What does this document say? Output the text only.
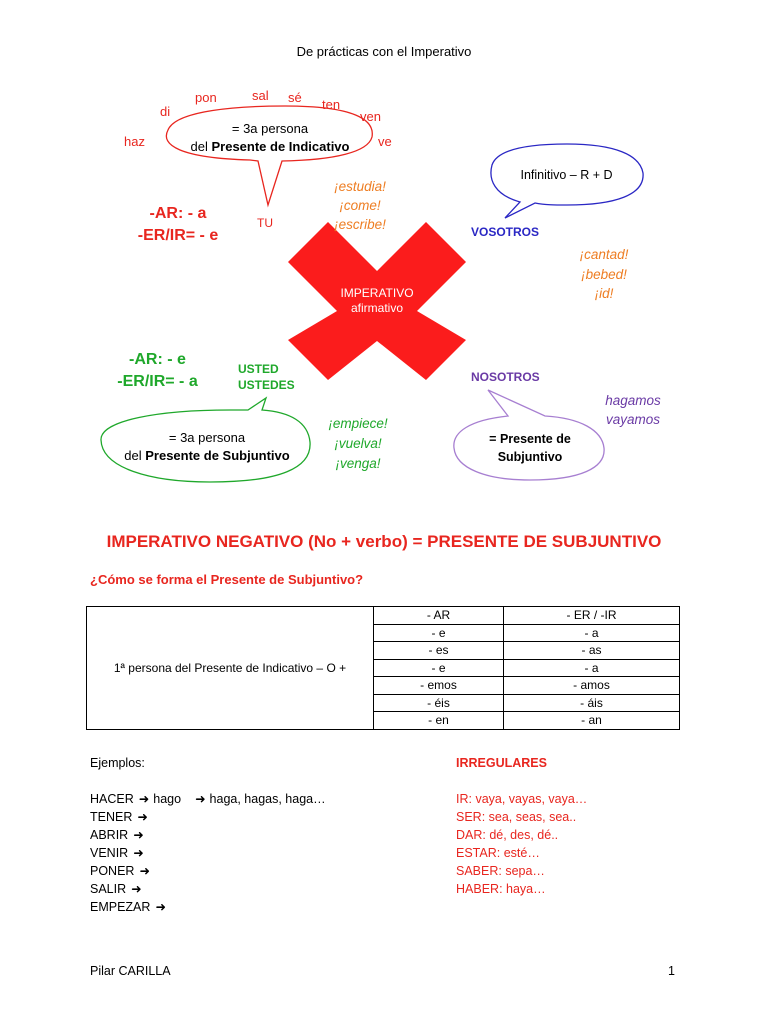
De prácticas con el Imperativo
di
pon	sal sé ten
ven
haz	ve
= 3a persona
del Presente de Indicativo
-AR: - a
-ER/IR= - e
TU
¡estudia!
¡come!
¡escribe!
IMPERATIVO
afirmativo
Infinitivo – R + D
VOSOTROS
¡cantad!
¡bebed!
¡id!
-AR: - e
-ER/IR= - a
USTED
USTEDES
¡empiece!
¡vuelva!
¡venga!
= 3a persona
del Presente de Subjuntivo
NOSOTROS
hagamos
vayamos
= Presente de
Subjuntivo
IMPERATIVO NEGATIVO (No + verbo) = PRESENTE DE SUBJUNTIVO
¿Cómo se forma el Presente de Subjuntivo?
1ª persona del Presente de Indicativo – O +	- AR	- ER / -IR
	- e	- a
	- es	- as
	- e	- a
	- emos	- amos
	- éis	- áis
	- en	- an
Ejemplos:
HACER ➜ hago ➜ haga, hagas, haga…
TENER ➜
ABRIR ➜
VENIR ➜
PONER ➜
SALIR ➜
EMPEZAR ➜
IRREGULARES
IR: vaya, vayas, vaya…
SER: sea, seas, sea..
DAR: dé, des, dé..
ESTAR: esté…
SABER: sepa…
HABER: haya…
Pilar CARILLA	1
